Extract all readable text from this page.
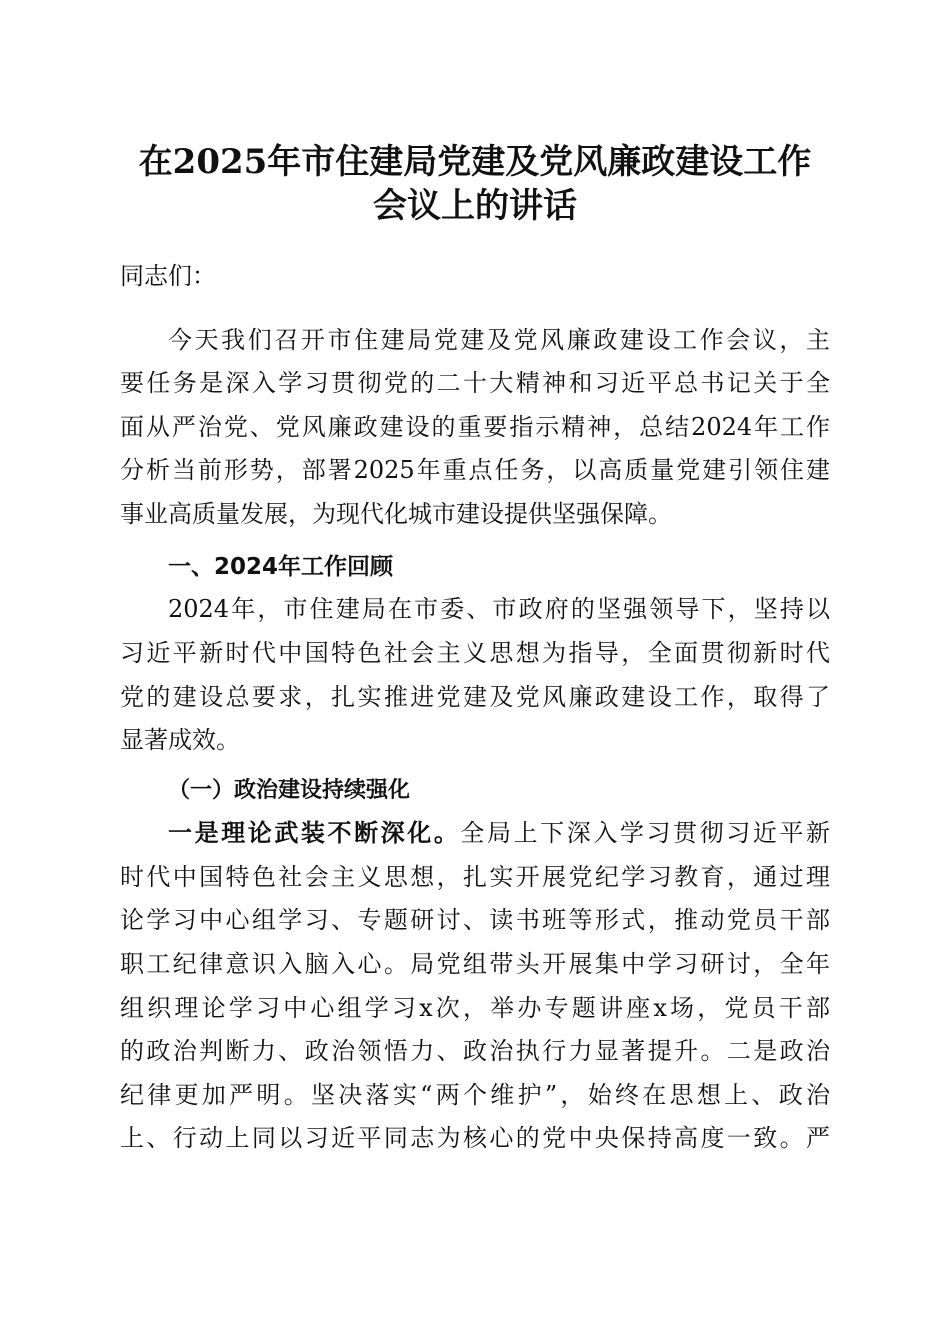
在2025年市住建局党建及党风廉政建设工作
会议上的讲话

同志们：

今天我们召开市住建局党建及党风廉政建设工作会议，主

要任务是深入学习贯彻党的二十大精神和习近平总书记关于全

面从严治党、党风廉政建设的重要指示精神，总结2024年工作

分析当前形势，部署2025年重点任务，以高质量党建引领住建

事业高质量发展，为现代化城市建设提供坚强保障。

一、2024年工作回顾

2024年，市住建局在市委、市政府的坚强领导下，坚持以

习近平新时代中国特色社会主义思想为指导，全面贯彻新时代

党的建设总要求，扎实推进党建及党风廉政建设工作，取得了

显著成效。

（一）政治建设持续强化

一是理论武装不断深化。全局上下深入学习贯彻习近平新

时代中国特色社会主义思想，扎实开展党纪学习教育，通过理

论学习中心组学习、专题研讨、读书班等形式，推动党员干部

职工纪律意识入脑入心。局党组带头开展集中学习研讨，全年

组织理论学习中心组学习x次，举办专题讲座x场，党员干部

的政治判断力、政治领悟力、政治执行力显著提升。二是政治

纪律更加严明。坚决落实“两个维护”，始终在思想上、政治

上、行动上同以习近平同志为核心的党中央保持高度一致。严
